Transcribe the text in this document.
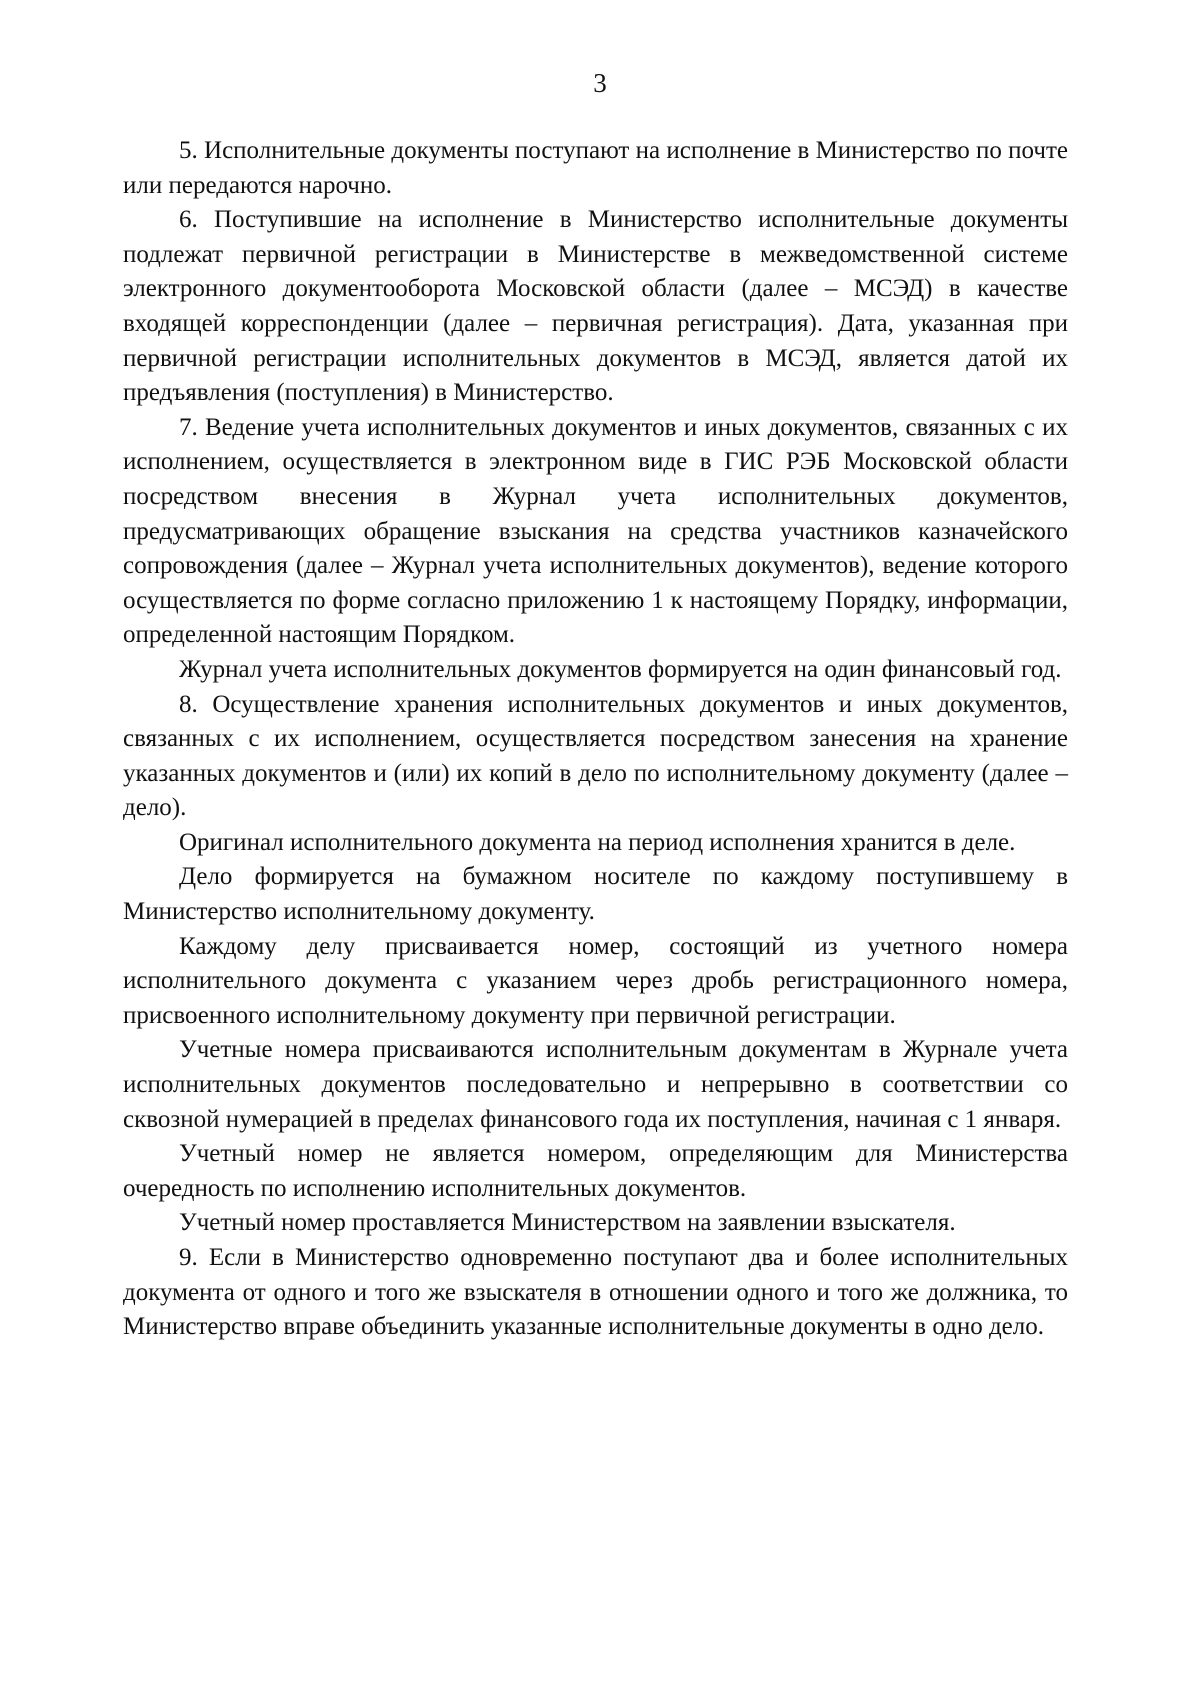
3

5. Исполнительные документы поступают на исполнение в Министерство по почте или передаются нарочно.

6. Поступившие на исполнение в Министерство исполнительные документы подлежат первичной регистрации в Министерстве в межведомственной системе электронного документооборота Московской области (далее – МСЭД) в качестве входящей корреспонденции (далее – первичная регистрация). Дата, указанная при первичной регистрации исполнительных документов в МСЭД, является датой их предъявления (поступления) в Министерство.

7. Ведение учета исполнительных документов и иных документов, связанных с их исполнением, осуществляется в электронном виде в ГИС РЭБ Московской области посредством внесения в Журнал учета исполнительных документов, предусматривающих обращение взыскания на средства участников казначейского сопровождения (далее – Журнал учета исполнительных документов), ведение которого осуществляется по форме согласно приложению 1 к настоящему Порядку, информации, определенной настоящим Порядком.

Журнал учета исполнительных документов формируется на один финансовый год.

8. Осуществление хранения исполнительных документов и иных документов, связанных с их исполнением, осуществляется посредством занесения на хранение указанных документов и (или) их копий в дело по исполнительному документу (далее – дело).

Оригинал исполнительного документа на период исполнения хранится в деле.

Дело формируется на бумажном носителе по каждому поступившему в Министерство исполнительному документу.

Каждому делу присваивается номер, состоящий из учетного номера исполнительного документа с указанием через дробь регистрационного номера, присвоенного исполнительному документу при первичной регистрации.

Учетные номера присваиваются исполнительным документам в Журнале учета исполнительных документов последовательно и непрерывно в соответствии со сквозной нумерацией в пределах финансового года их поступления, начиная с 1 января.

Учетный номер не является номером, определяющим для Министерства очередность по исполнению исполнительных документов.

Учетный номер проставляется Министерством на заявлении взыскателя.

9. Если в Министерство одновременно поступают два и более исполнительных документа от одного и того же взыскателя в отношении одного и того же должника, то Министерство вправе объединить указанные исполнительные документы в одно дело.
